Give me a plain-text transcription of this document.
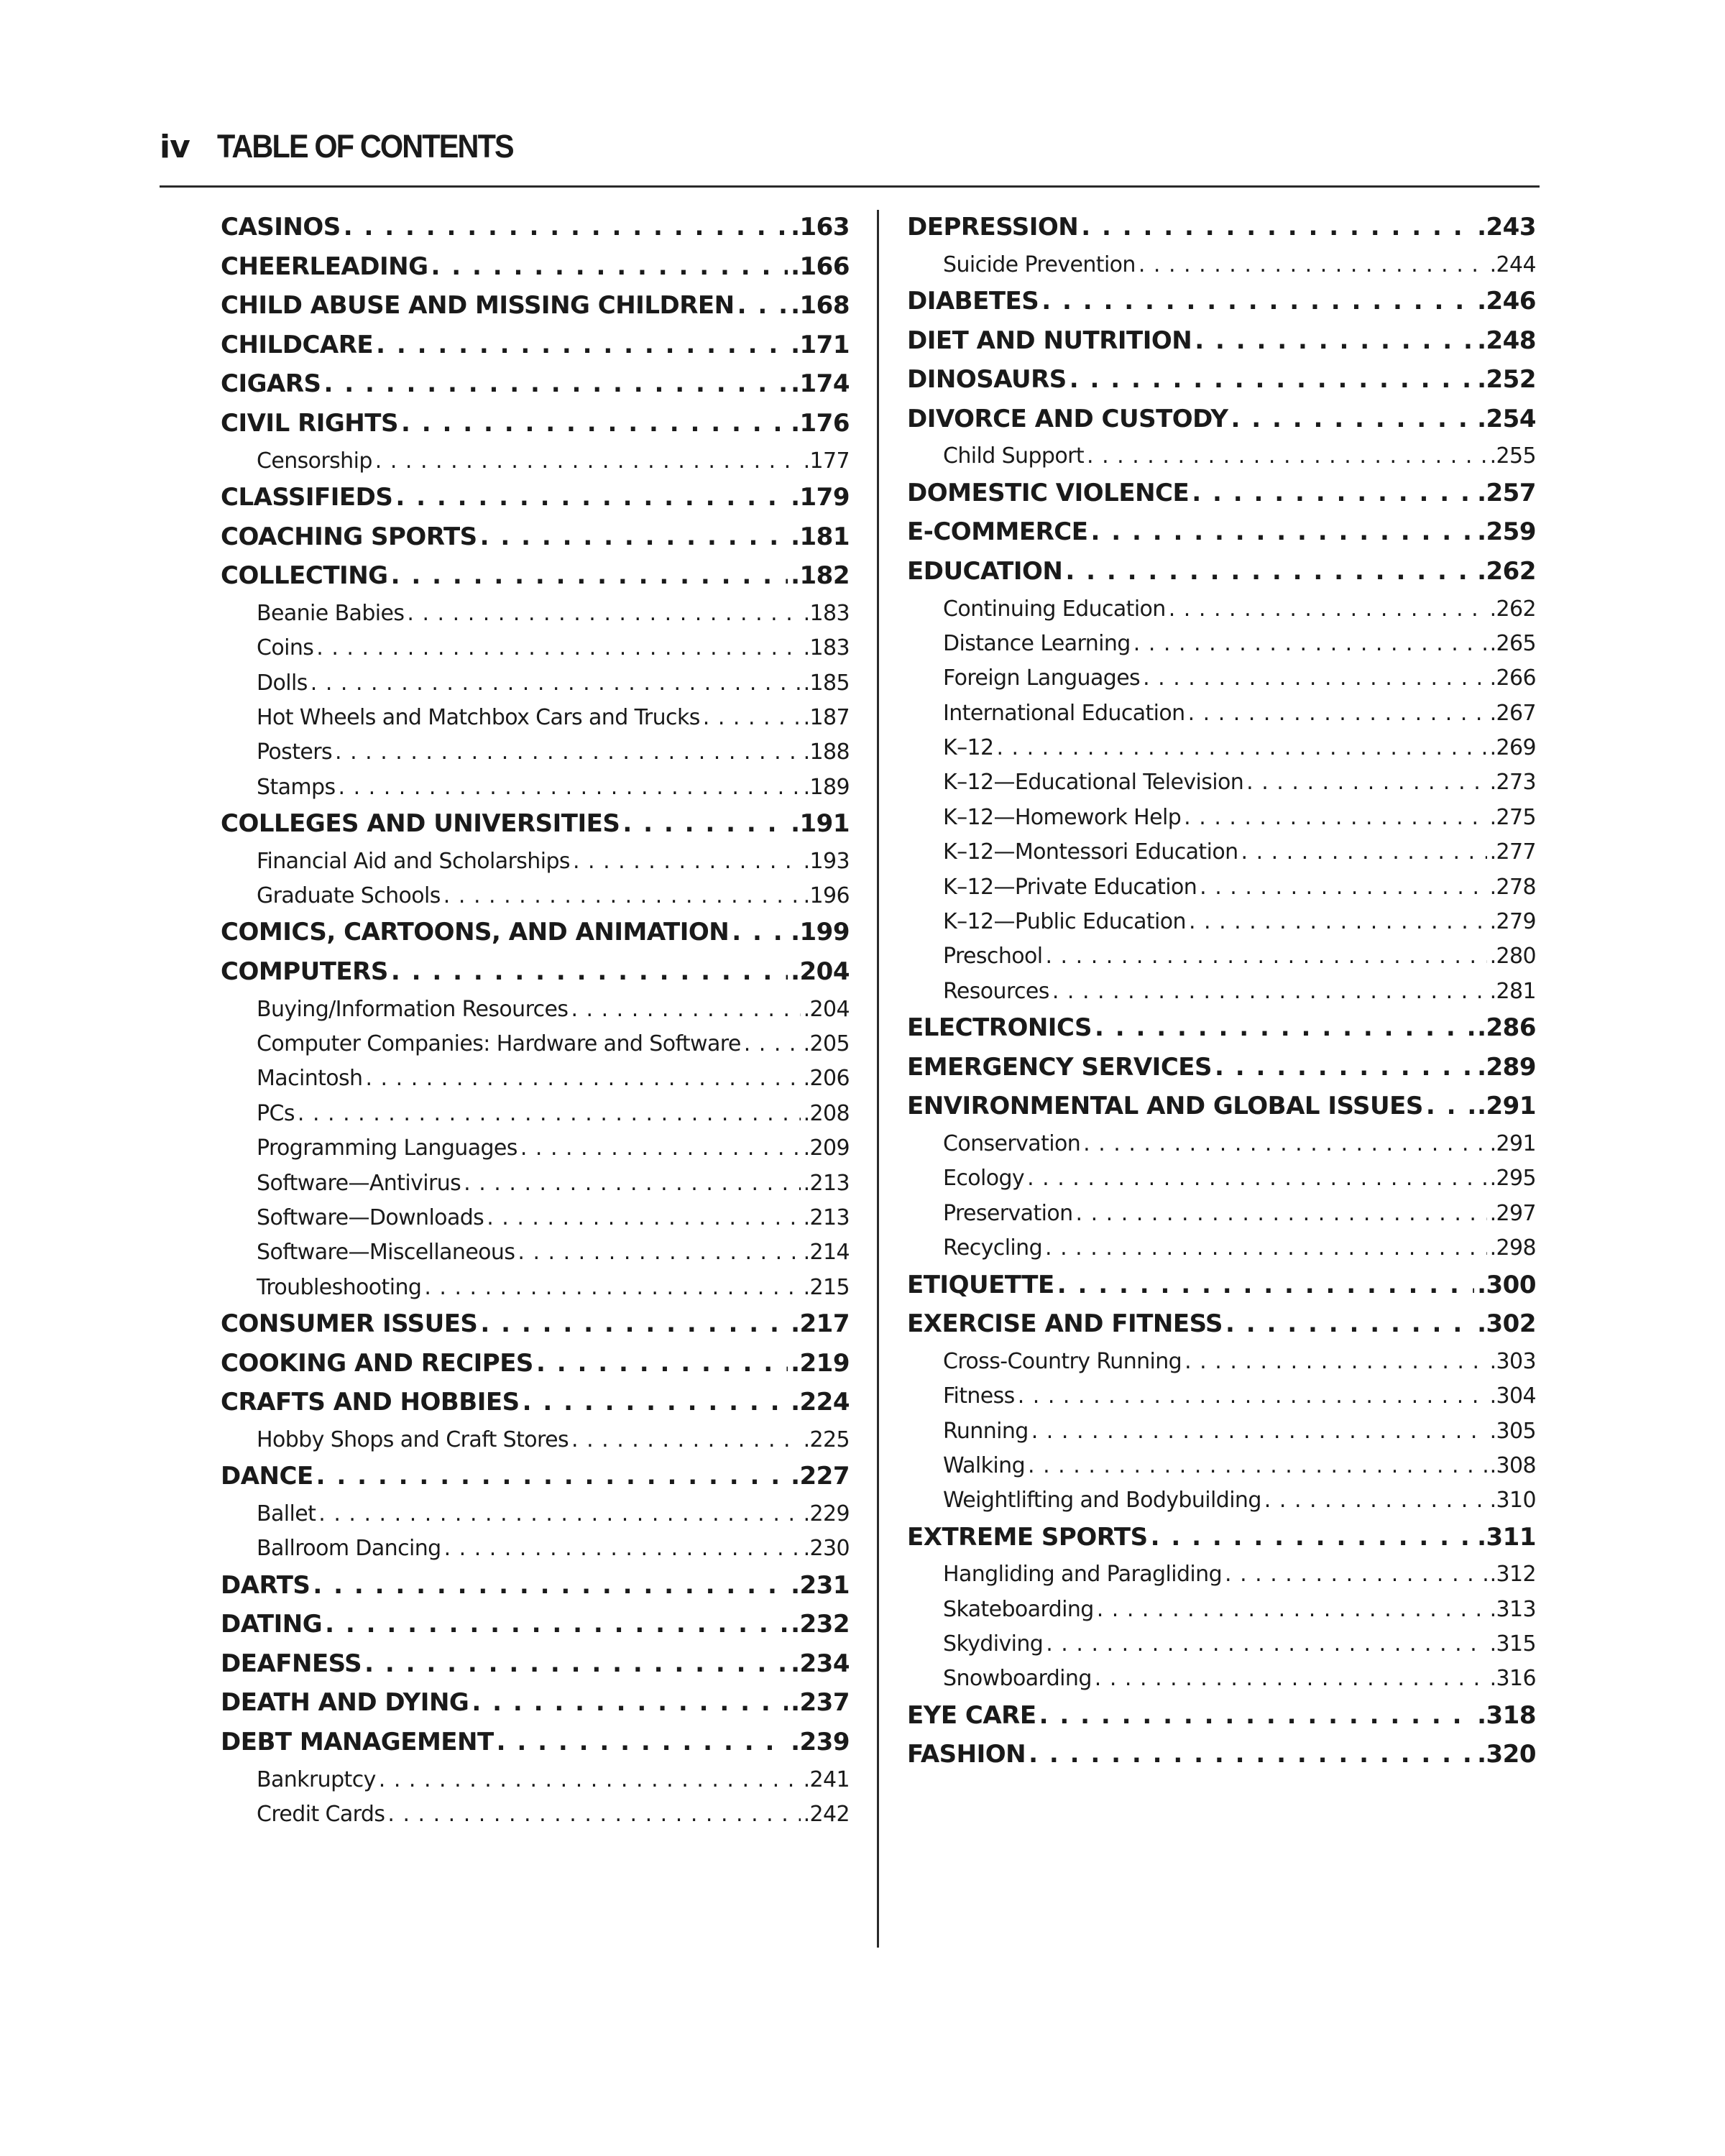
iv TABLE OF CONTENTS
CASINOS . . .	.163
CHEERLEADING . . .	.166
CHILD ABUSE AND MISSING CHILDREN . . . .168
CHILDCARE . . .	.171
CIGARS . . .	.174
CIVIL RIGHTS . . .	.176
Censorship . . .	.177
CLASSIFIEDS . . .	.179
COACHING SPORTS . . .	.181
COLLECTING . . .	.182
Beanie Babies . . .	.183
Coins . . .	.183
Dolls . . .	.185
Hot Wheels and Matchbox Cars and Trucks . . .	.187
Posters . . .	.188
Stamps . . .	.189
COLLEGES AND UNIVERSITIES . . .	.191
Financial Aid and Scholarships . . .	.193
Graduate Schools . . .	.196
COMICS, CARTOONS, AND ANIMATION . . .	.199
COMPUTERS . . .	.204
Buying/Information Resources . . .	.204
Computer Companies: Hardware and Software . . .	.205
Macintosh . . .	.206
PCs . . .	.208
Programming Languages . . .	.209
Software—Antivirus . . .	.213
Software—Downloads . . .	.213
Software—Miscellaneous . . .	.214
Troubleshooting . . .	.215
CONSUMER ISSUES . . .	.217
COOKING AND RECIPES . . .	.219
CRAFTS AND HOBBIES . . .	.224
Hobby Shops and Craft Stores . . .	.225
DANCE . . .	.227
Ballet . . .	.229
Ballroom Dancing . . .	.230
DARTS . . .	.231
DATING . . .	.232
DEAFNESS . . .	.234
DEATH AND DYING . . .	.237
DEBT MANAGEMENT . . .	.239
Bankruptcy . . .	.241
Credit Cards . . .	.242
DEPRESSION . . .	.243
Suicide Prevention . . .	.244
DIABETES . . .	.246
DIET AND NUTRITION . . .	.248
DINOSAURS . . .	.252
DIVORCE AND CUSTODY . . .	.254
Child Support . . .	.255
DOMESTIC VIOLENCE . . .	.257
E-COMMERCE . . .	.259
EDUCATION . . .	.262
Continuing Education . . .	.262
Distance Learning . . .	.265
Foreign Languages . . .	.266
International Education . . .	.267
K–12 . . .	.269
K–12—Educational Television . . .	.273
K–12—Homework Help . . .	.275
K–12—Montessori Education . . .	.277
K–12—Private Education . . .	.278
K–12—Public Education . . .	.279
Preschool . . .	.280
Resources . . .	.281
ELECTRONICS . . .	.286
EMERGENCY SERVICES . . .	.289
ENVIRONMENTAL AND GLOBAL ISSUES . . . .291
Conservation . . .	.291
Ecology . . .	.295
Preservation . . .	.297
Recycling . . .	.298
ETIQUETTE . . .	.300
EXERCISE AND FITNESS . . .	.302
Cross-Country Running . . .	.303
Fitness . . .	.304
Running . . .	.305
Walking . . .	.308
Weightlifting and Bodybuilding . . .	.310
EXTREME SPORTS . . .	.311
Hangliding and Paragliding . . .	.312
Skateboarding . . .	.313
Skydiving . . .	.315
Snowboarding . . .	.316
EYE CARE . . .	.318
FASHION . . .	.320
